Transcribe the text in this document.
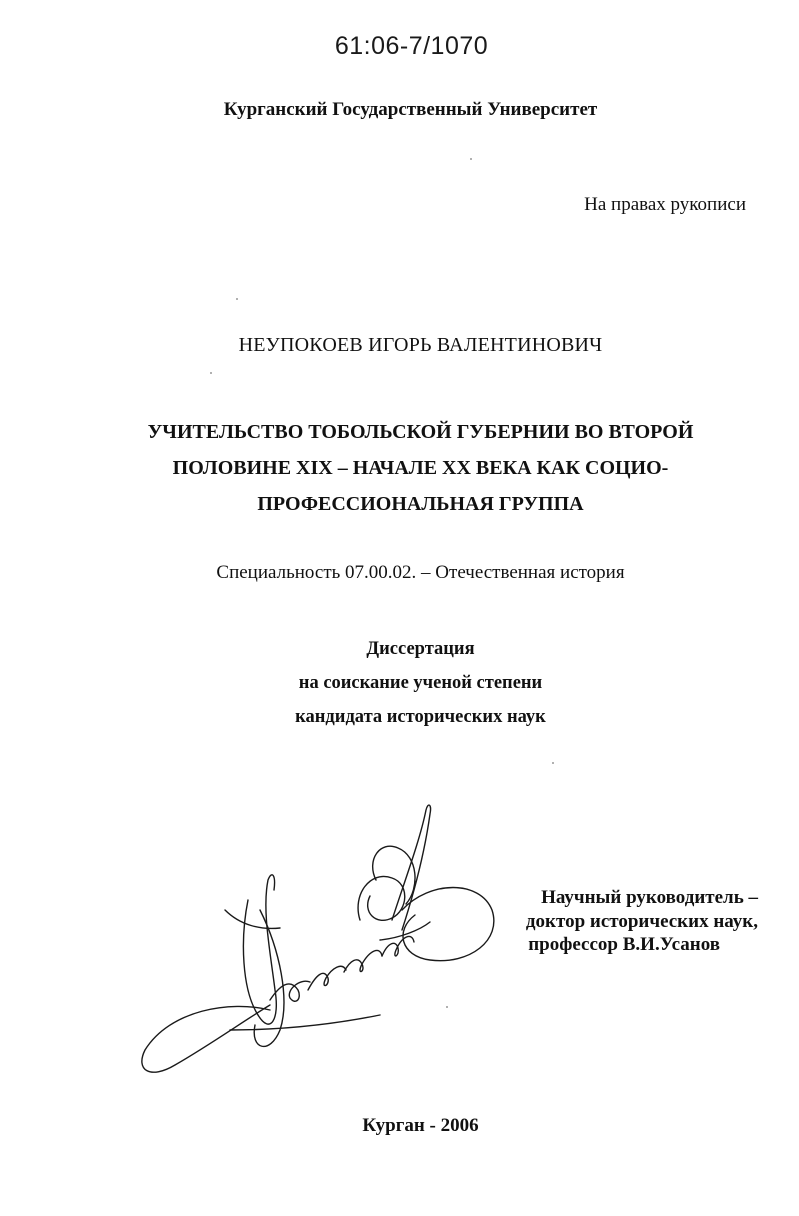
61:06-7/1070
Курганский Государственный Университет
На правах рукописи
НЕУПОКОЕВ ИГОРЬ ВАЛЕНТИНОВИЧ
УЧИТЕЛЬСТВО ТОБОЛЬСКОЙ ГУБЕРНИИ ВО ВТОРОЙ
ПОЛОВИНЕ XIX – НАЧАЛЕ XX ВЕКА КАК СОЦИО-
ПРОФЕССИОНАЛЬНАЯ ГРУППА
Специальность 07.00.02. – Отечественная история
Диссертация
на соискание ученой степени
кандидата исторических наук
Научный руководитель –
доктор исторических наук,
профессор В.И.Усанов
Курган - 2006
